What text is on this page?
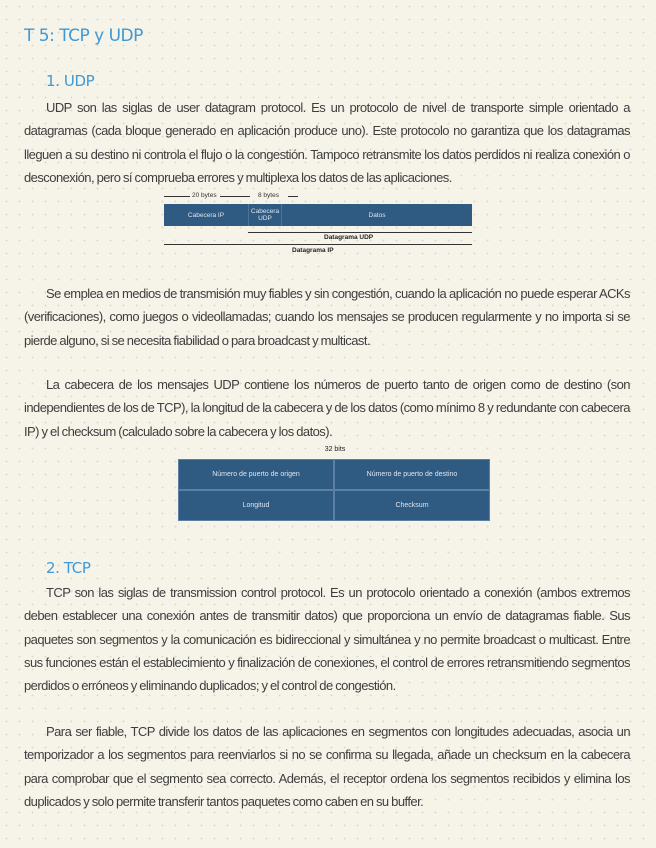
T 5: TCP y UDP
1. UDP
UDP son las siglas de user datagram protocol. Es un protocolo de nivel de transporte simple orientado a datagramas (cada bloque generado en aplicación produce uno). Este protocolo no garantiza que los datagramas lleguen a su destino ni controla el flujo o la congestión. Tampoco retransmite los datos perdidos ni realiza conexión o desconexión, pero sí comprueba errores y multiplexa los datos de las aplicaciones.
20 bytes	8 bytes
Cabecera IP	Cabecera UDP	Datos
Datagrama UDP
Datagrama IP
Se emplea en medios de transmisión muy fiables y sin congestión, cuando la aplicación no puede esperar ACKs (verificaciones), como juegos o videollamadas; cuando los mensajes se producen regularmente y no importa si se pierde alguno, si se necesita fiabilidad o para broadcast y multicast.
La cabecera de los mensajes UDP contiene los números de puerto tanto de origen como de destino (son independientes de los de TCP), la longitud de la cabecera y de los datos (como mínimo 8 y redundante con cabecera IP) y el checksum (calculado sobre la cabecera y los datos).
32 bits
Número de puerto de origen	Número de puerto de destino
Longitud	Checksum
2. TCP
TCP son las siglas de transmission control protocol. Es un protocolo orientado a conexión (ambos extremos deben establecer una conexión antes de transmitir datos) que proporciona un envío de datagramas fiable. Sus paquetes son segmentos y la comunicación es bidireccional y simultánea y no permite broadcast o multicast. Entre sus funciones están el establecimiento y finalización de conexiones, el control de errores retransmitiendo segmentos perdidos o erróneos y eliminando duplicados; y el control de congestión.
Para ser fiable, TCP divide los datos de las aplicaciones en segmentos con longitudes adecuadas, asocia un temporizador a los segmentos para reenviarlos si no se confirma su llegada, añade un checksum en la cabecera para comprobar que el segmento sea correcto. Además, el receptor ordena los segmentos recibidos y elimina los duplicados y solo permite transferir tantos paquetes como caben en su buffer.
